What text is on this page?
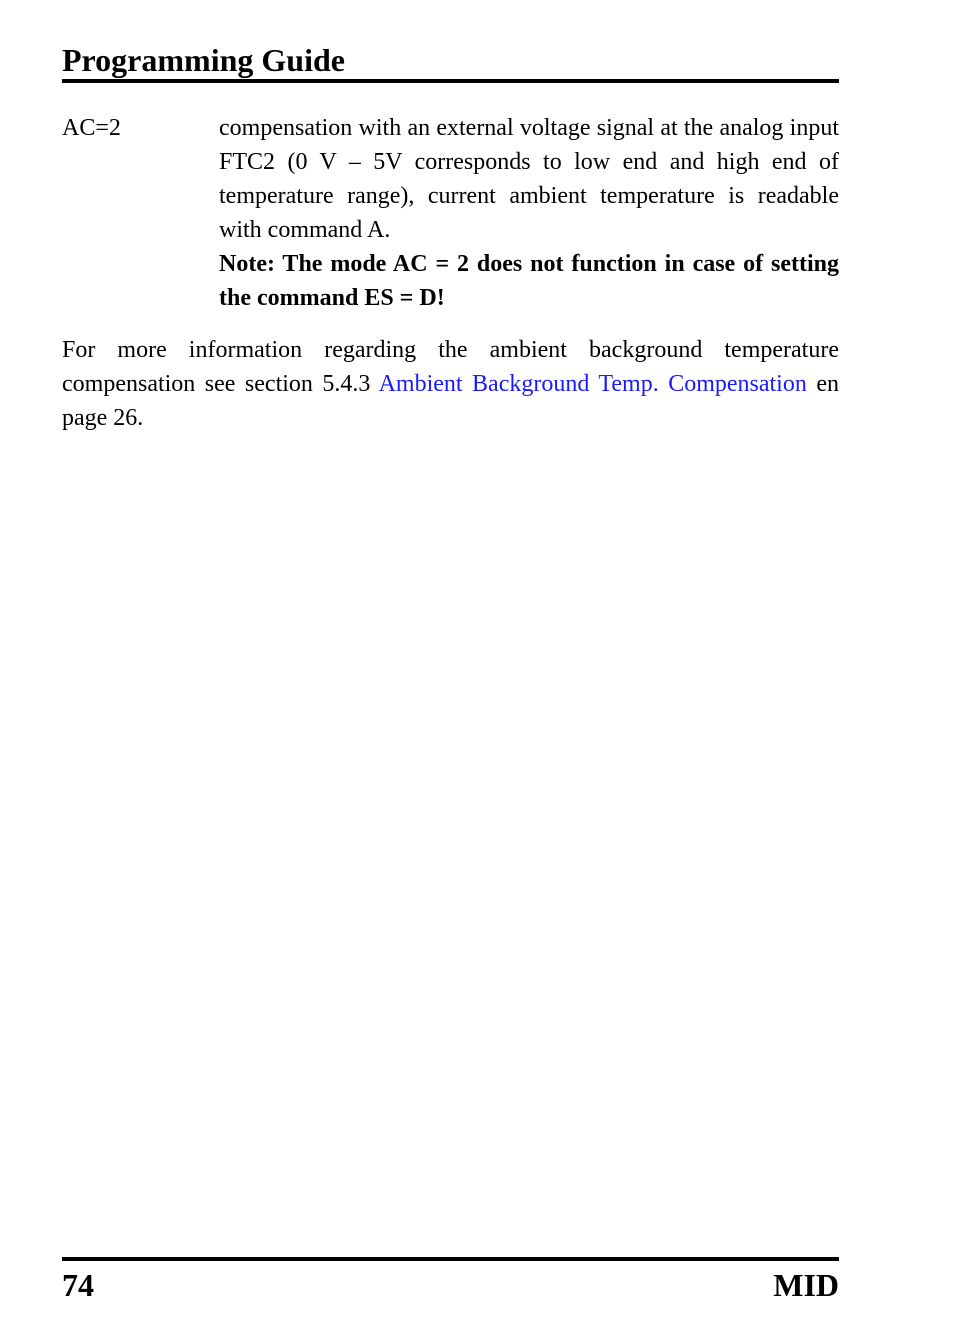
Programming Guide
AC=2	compensation with an external voltage signal at the analog input FTC2 (0 V – 5V corresponds to low end and high end of temperature range), current ambient temperature is readable with command A.

Note: The mode AC = 2 does not function in case of setting the command ES = D!

For more information regarding the ambient background temperature compensation see section 5.4.3 Ambient Background Temp. Compensation en page 26.

74	MID
